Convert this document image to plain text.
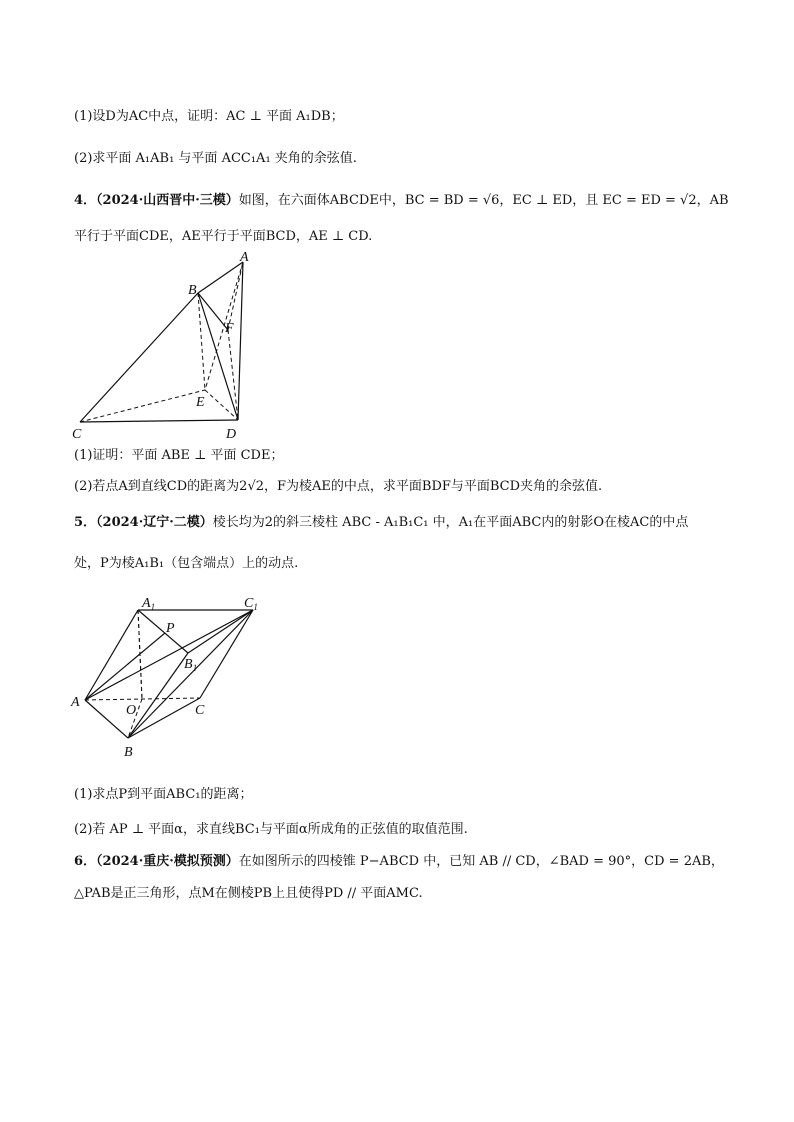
(1)设D为AC中点，证明：AC ⊥ 平面 A₁DB；
(2)求平面 A₁AB₁ 与平面 ACC₁A₁ 夹角的余弦值.
4．（2024·山西晋中·三模）如图，在六面体ABCDE中，BC = BD = √6，EC ⊥ ED，且 EC = ED = √2，AB
平行于平面CDE，AE平行于平面BCD，AE ⊥ CD.
A
B
F
E
C	D
(1)证明：平面 ABE ⊥ 平面 CDE；
(2)若点A到直线CD的距离为2√2，F为棱AE的中点，求平面BDF与平面BCD夹角的余弦值.
5．（2024·辽宁·二模）棱长均为2的斜三棱柱 ABC - A₁B₁C₁ 中，A₁在平面ABC内的射影O在棱AC的中点
处，P为棱A₁B₁（包含端点）上的动点.
$A_1$	$C_1$
P
$B_1$
A
O	C
B
(1)求点P到平面ABC₁的距离；
(2)若 AP ⊥ 平面α，求直线BC₁与平面α所成角的正弦值的取值范围.
6．（2024·重庆·模拟预测）在如图所示的四棱锥 P−ABCD 中，已知 AB // CD，∠BAD = 90°，CD = 2AB，
△PAB是正三角形，点M在侧棱PB上且使得PD // 平面AMC.
